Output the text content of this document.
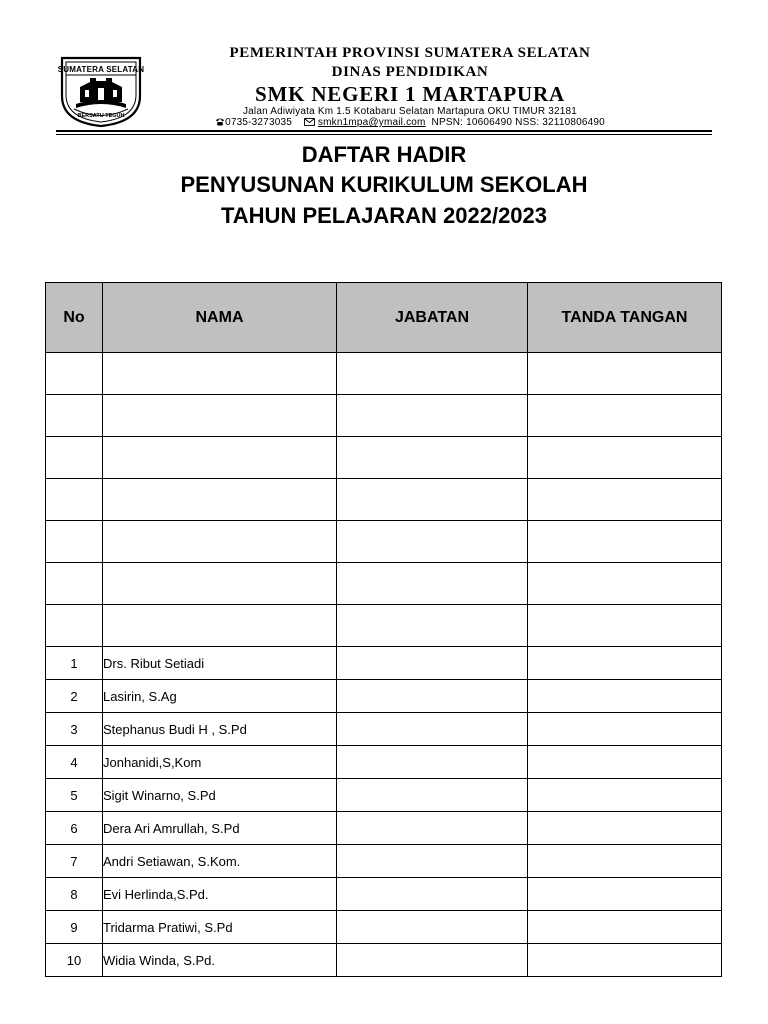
SUMATERA SELATAN
BERSATU TEGUH
PEMERINTAH PROVINSI SUMATERA SELATAN
DINAS PENDIDIKAN
SMK NEGERI 1 MARTAPURA
Jalan Adiwiyata Km 1.5 Kotabaru Selatan Martapura OKU TIMUR 32181
0735-3273035	smkn1mpa@ymail.com NPSN: 10606490 NSS: 32110806490
DAFTAR HADIR
PENYUSUNAN KURIKULUM SEKOLAH
TAHUN PELAJARAN 2022/2023
No	NAMA	JABATAN	TANDA TANGAN

1	Drs. Ribut Setiadi		
2	Lasirin, S.Ag		
3	Stephanus Budi H , S.Pd		
4	Jonhanidi,S,Kom		
5	Sigit Winarno, S.Pd		
6	Dera Ari Amrullah, S.Pd		
7	Andri Setiawan, S.Kom.		
8	Evi Herlinda,S.Pd.		
9	Tridarma Pratiwi, S.Pd		
10	Widia Winda, S.Pd.		
